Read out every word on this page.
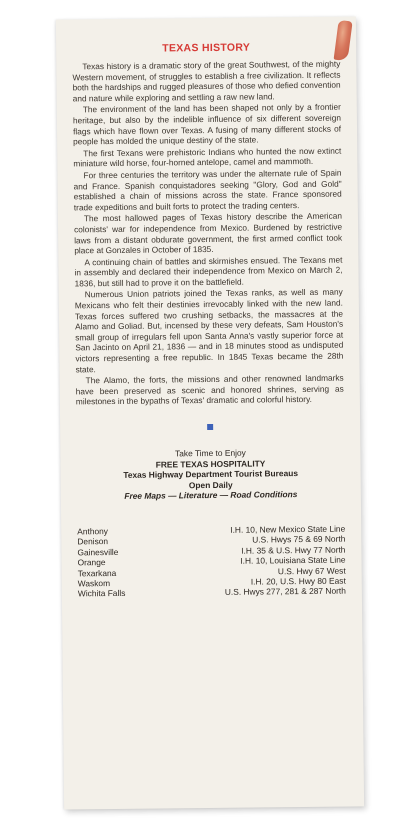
TEXAS HISTORY

Texas history is a dramatic story of the great Southwest, of the mighty Western movement, of struggles to establish a free civilization. It reflects both the hardships and rugged pleasures of those who defied convention and nature while exploring and settling a raw new land.

The environment of the land has been shaped not only by a frontier heritage, but also by the indelible influence of six different sovereign flags which have flown over Texas. A fusing of many different stocks of people has molded the unique destiny of the state.

The first Texans were prehistoric Indians who hunted the now extinct miniature wild horse, four-horned antelope, camel and mammoth.

For three centuries the territory was under the alternate rule of Spain and France. Spanish conquistadores seeking "Glory, God and Gold" established a chain of missions across the state. France sponsored trade expeditions and built forts to protect the trading centers.

The most hallowed pages of Texas history describe the American colonists' war for independence from Mexico. Burdened by restrictive laws from a distant obdurate government, the first armed conflict took place at Gonzales in October of 1835.

A continuing chain of battles and skirmishes ensued. The Texans met in assembly and declared their independence from Mexico on March 2, 1836, but still had to prove it on the battlefield.

Numerous Union patriots joined the Texas ranks, as well as many Mexicans who felt their destinies irrevocably linked with the new land. Texas forces suffered two crushing setbacks, the massacres at the Alamo and Goliad. But, incensed by these very defeats, Sam Houston's small group of irregulars fell upon Santa Anna's vastly superior force at San Jacinto on April 21, 1836 — and in 18 minutes stood as undisputed victors representing a free republic. In 1845 Texas became the 28th state.

The Alamo, the forts, the missions and other renowned landmarks have been preserved as scenic and honored shrines, serving as milestones in the bypaths of Texas' dramatic and colorful history.

Take Time to Enjoy
FREE TEXAS HOSPITALITY
Texas Highway Department Tourist Bureaus
Open Daily
Free Maps — Literature — Road Conditions
Anthony	I.H. 10, New Mexico State Line
Denison	U.S. Hwys 75 & 69 North
Gainesville	I.H. 35 & U.S. Hwy 77 North
Orange	I.H. 10, Louisiana State Line
Texarkana	U.S. Hwy 67 West
Waskom	I.H. 20, U.S. Hwy 80 East
Wichita Falls	U.S. Hwys 277, 281 & 287 North
